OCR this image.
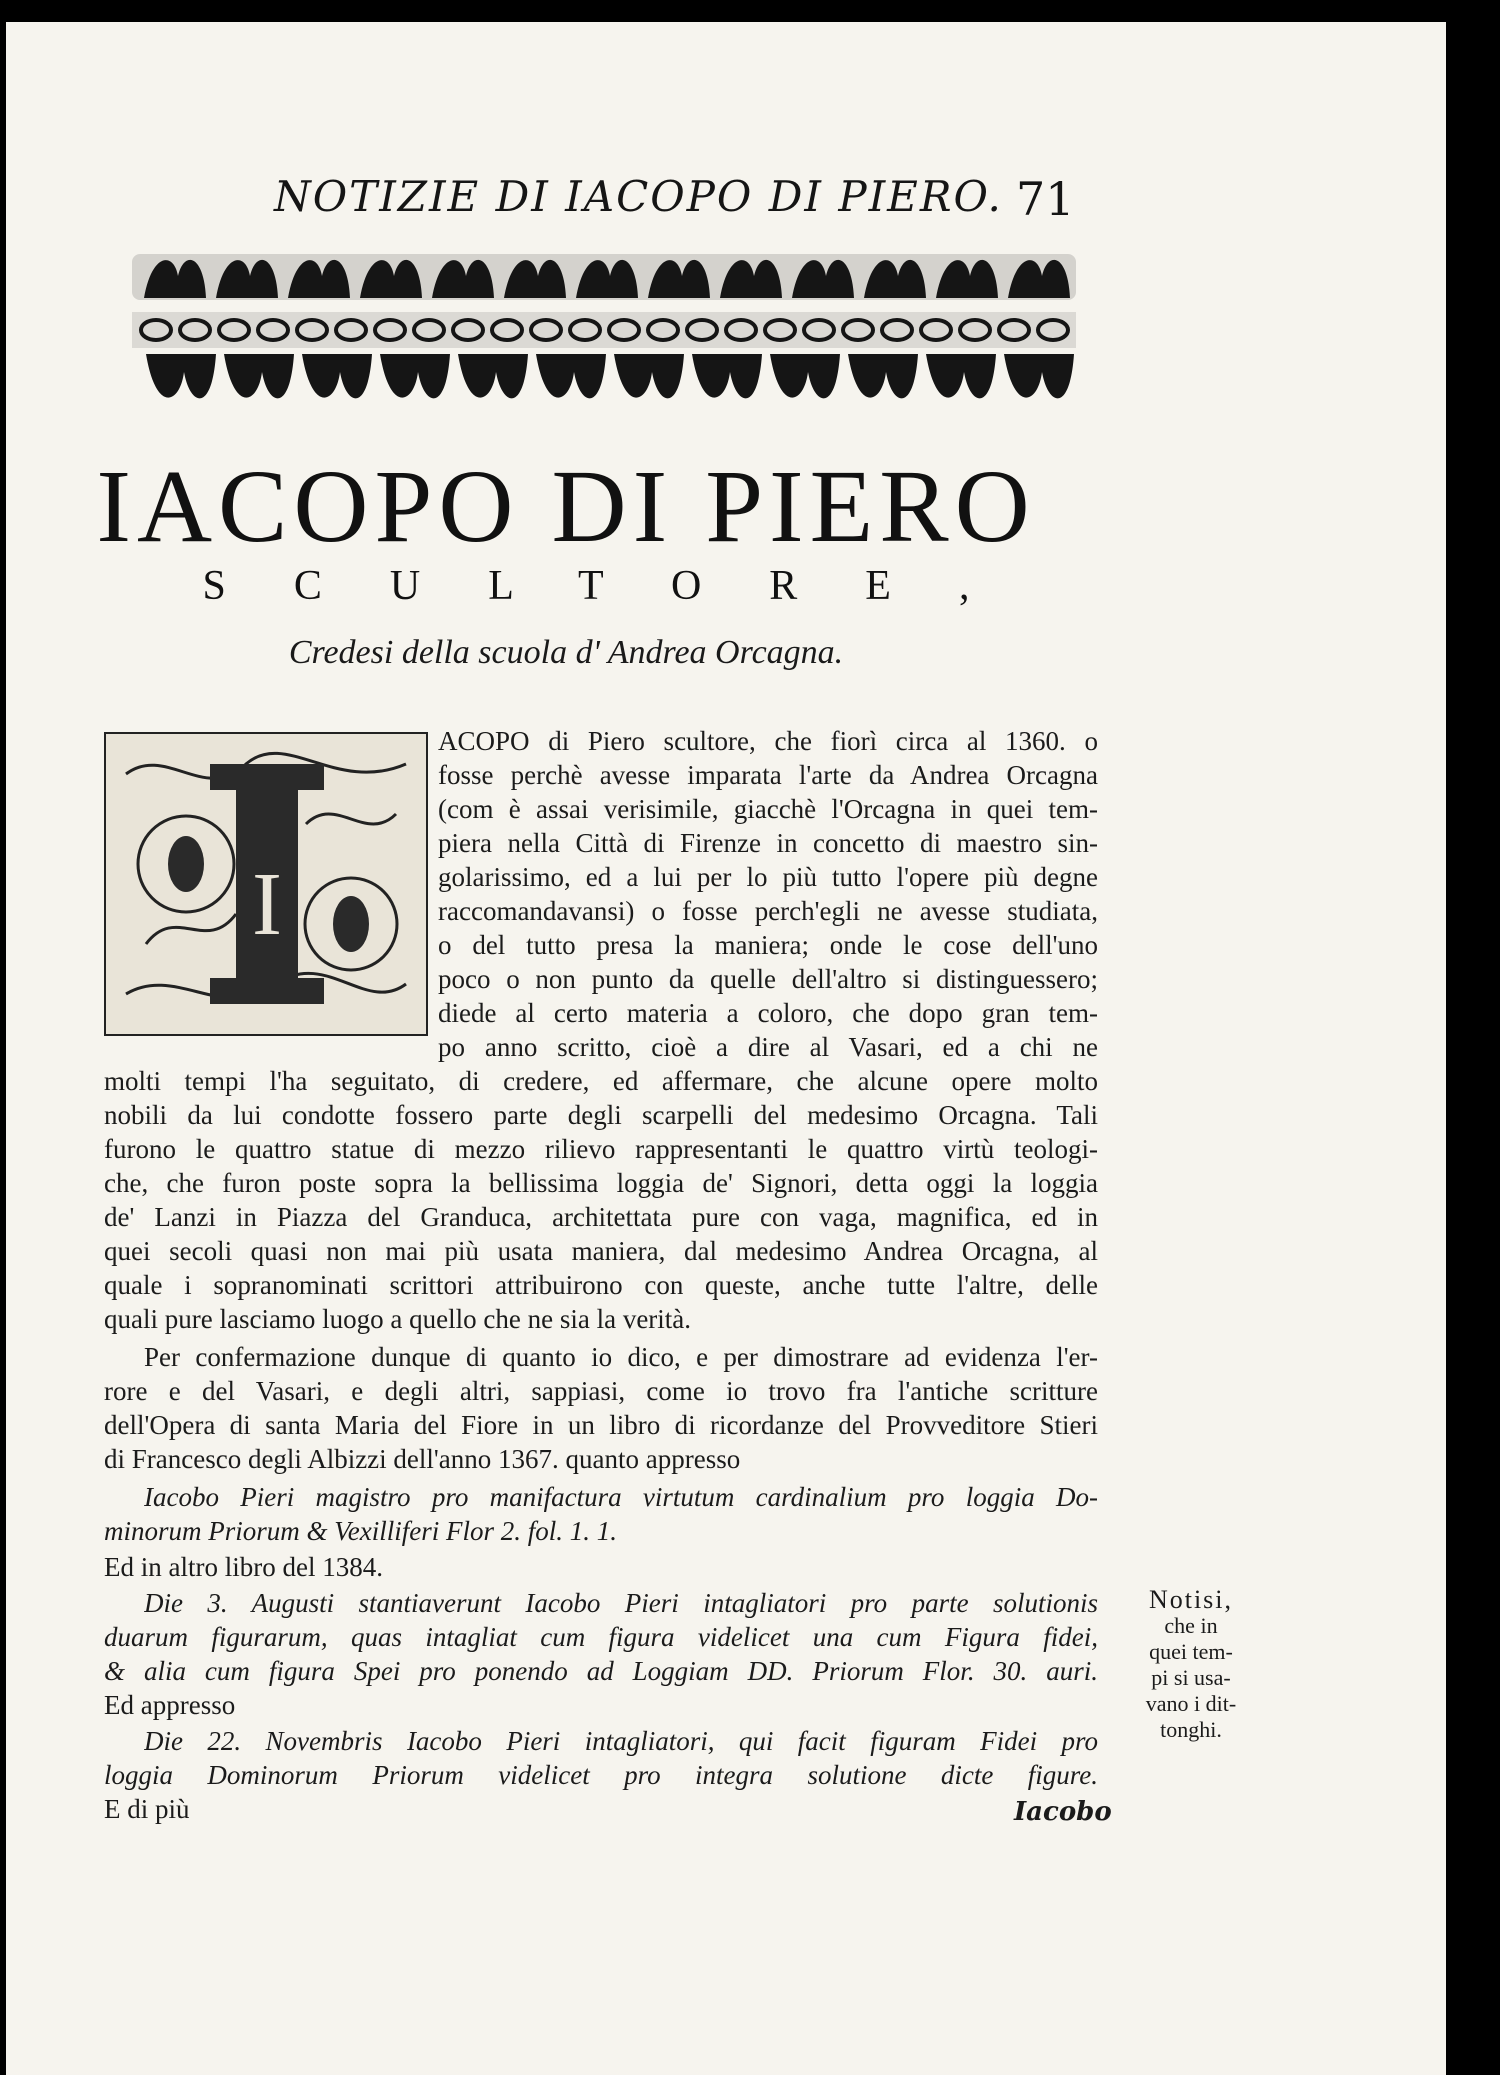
NOTIZIE DI IACOPO DI PIERO. 71
IACOPO DI PIERO
SCULTORE,
Credesi della scuola d' Andrea Orcagna.
I
ACOPO di Piero scultore, che fiorì circa al 1360. o
fosse perchè avesse imparata l'arte da Andrea Orcagna
(com è assai verisimile, giacchè l'Orcagna in quei tem-
piera nella Città di Firenze in concetto di maestro sin-
golarissimo, ed a lui per lo più tutto l'opere più degne
raccomandavansi) o fosse perch'egli ne avesse studiata,
o del tutto presa la maniera; onde le cose dell'uno
poco o non punto da quelle dell'altro si distinguessero;
diede al certo materia a coloro, che dopo gran tem-
po anno scritto, cioè a dire al Vasari, ed a chi ne
molti tempi l'ha seguitato, di credere, ed affermare, che alcune opere molto
nobili da lui condotte fossero parte degli scarpelli del medesimo Orcagna. Tali
furono le quattro statue di mezzo rilievo rappresentanti le quattro virtù teologi-
che, che furon poste sopra la bellissima loggia de' Signori, detta oggi la loggia
de' Lanzi in Piazza del Granduca, architettata pure con vaga, magnifica, ed in
quei secoli quasi non mai più usata maniera, dal medesimo Andrea Orcagna, al
quale i sopranominati scrittori attribuirono con queste, anche tutte l'altre, delle
quali pure lasciamo luogo a quello che ne sia la verità.
Per confermazione dunque di quanto io dico, e per dimostrare ad evidenza l'er-
rore e del Vasari, e degli altri, sappiasi, come io trovo fra l'antiche scritture
dell'Opera di santa Maria del Fiore in un libro di ricordanze del Provveditore Stieri
di Francesco degli Albizzi dell'anno 1367. quanto appresso
Iacobo Pieri magistro pro manifactura virtutum cardinalium pro loggia Do-
minorum Priorum & Vexilliferi Flor 2. fol. 1. 1.
Ed in altro libro del 1384.
Die 3. Augusti stantiaverunt Iacobo Pieri intagliatori pro parte solutionis
duarum figurarum, quas intagliat cum figura videlicet una cum Figura fidei,
& alia cum figura Spei pro ponendo ad Loggiam DD. Priorum Flor. 30. auri.
Ed appresso
Die 22. Novembris Iacobo Pieri intagliatori, qui facit figuram Fidei pro
loggia Dominorum Priorum videlicet pro integra solutione dicte figure.
E di più
Notisi,
che in
quei tem-
pi si usa-
vano i dit-
tonghi.
Iacobo
